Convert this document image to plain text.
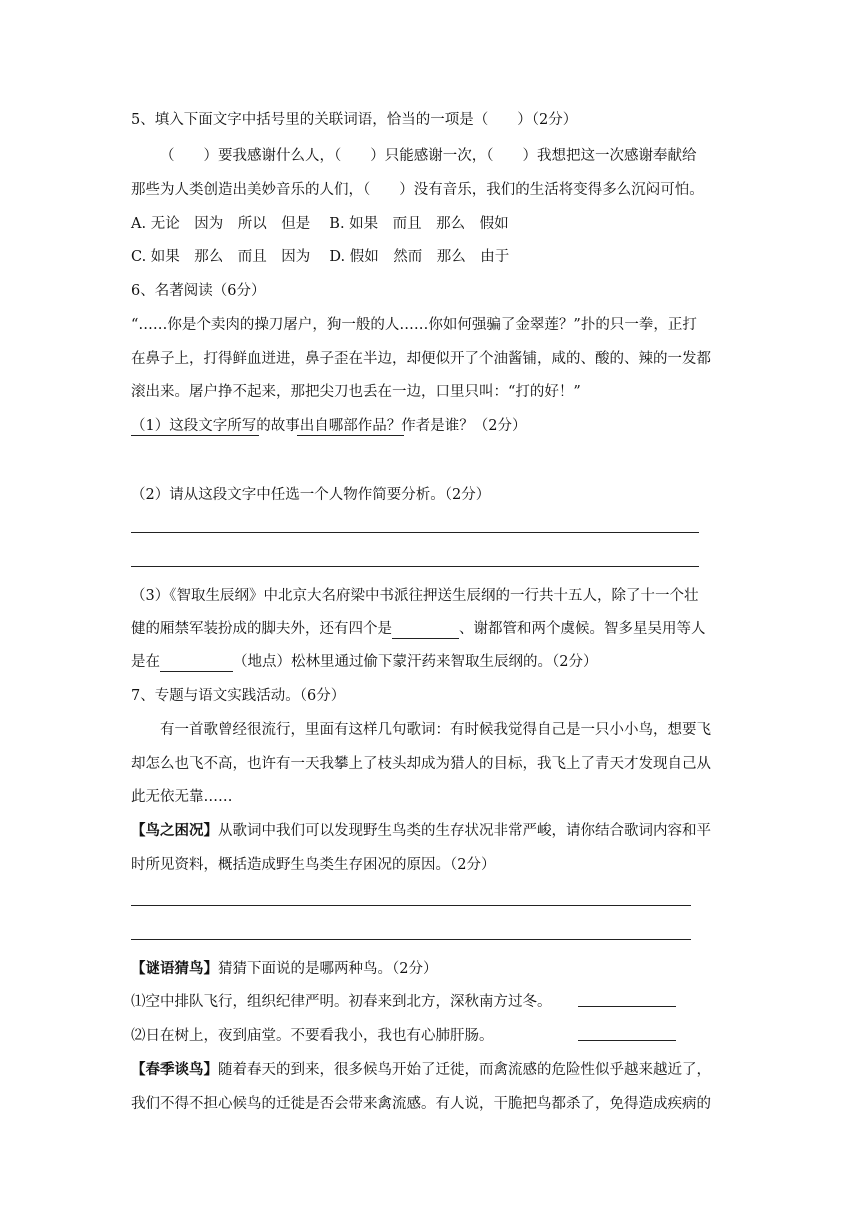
5、填入下面文字中括号里的关联词语，恰当的一项是（　　）（2分）
（　　）要我感谢什么人，（　　）只能感谢一次，（　　）我想把这一次感谢奉献给
那些为人类创造出美妙音乐的人们，（　　）没有音乐，我们的生活将变得多么沉闷可怕。
A. 无论　因为　所以　但是　 B. 如果　而且　那么　假如
C. 如果　那么　而且　因为　 D. 假如　然而　那么　由于
6、名著阅读（6分）
“……你是个卖肉的操刀屠户，狗一般的人……你如何强骗了金翠莲？”扑的只一拳，正打
在鼻子上，打得鲜血迸进，鼻子歪在半边，却便似开了个油酱铺，咸的、酸的、辣的一发都
滚出来。屠户挣不起来，那把尖刀也丢在一边，口里只叫：“打的好！”
（1）这段文字所写的故事出自哪部作品？作者是谁？（2分）
（2）请从这段文字中任选一个人物作简要分析。（2分）
（3）《智取生辰纲》中北京大名府梁中书派往押送生辰纲的一行共十五人，除了十一个壮
健的厢禁军装扮成的脚夫外，还有四个是	、谢都管和两个虞候。智多星吴用等人
是在	（地点）松林里通过偷下蒙汗药来智取生辰纲的。（2分）
7、专题与语文实践活动。（6分）
有一首歌曾经很流行，里面有这样几句歌词：有时候我觉得自己是一只小小鸟，想要飞
却怎么也飞不高，也许有一天我攀上了枝头却成为猎人的目标，我飞上了青天才发现自己从
此无依无靠……
【鸟之困况】从歌词中我们可以发现野生鸟类的生存状况非常严峻，请你结合歌词内容和平
时所见资料，概括造成野生鸟类生存困况的原因。（2分）
【谜语猜鸟】猜猜下面说的是哪两种鸟。（2分）
⑴空中排队飞行，组织纪律严明。初春来到北方，深秋南方过冬。
⑵日在树上，夜到庙堂。不要看我小，我也有心肺肝肠。
【春季谈鸟】随着春天的到来，很多候鸟开始了迁徙，而禽流感的危险性似乎越来越近了，
我们不得不担心候鸟的迁徙是否会带来禽流感。有人说，干脆把鸟都杀了，免得造成疾病的
